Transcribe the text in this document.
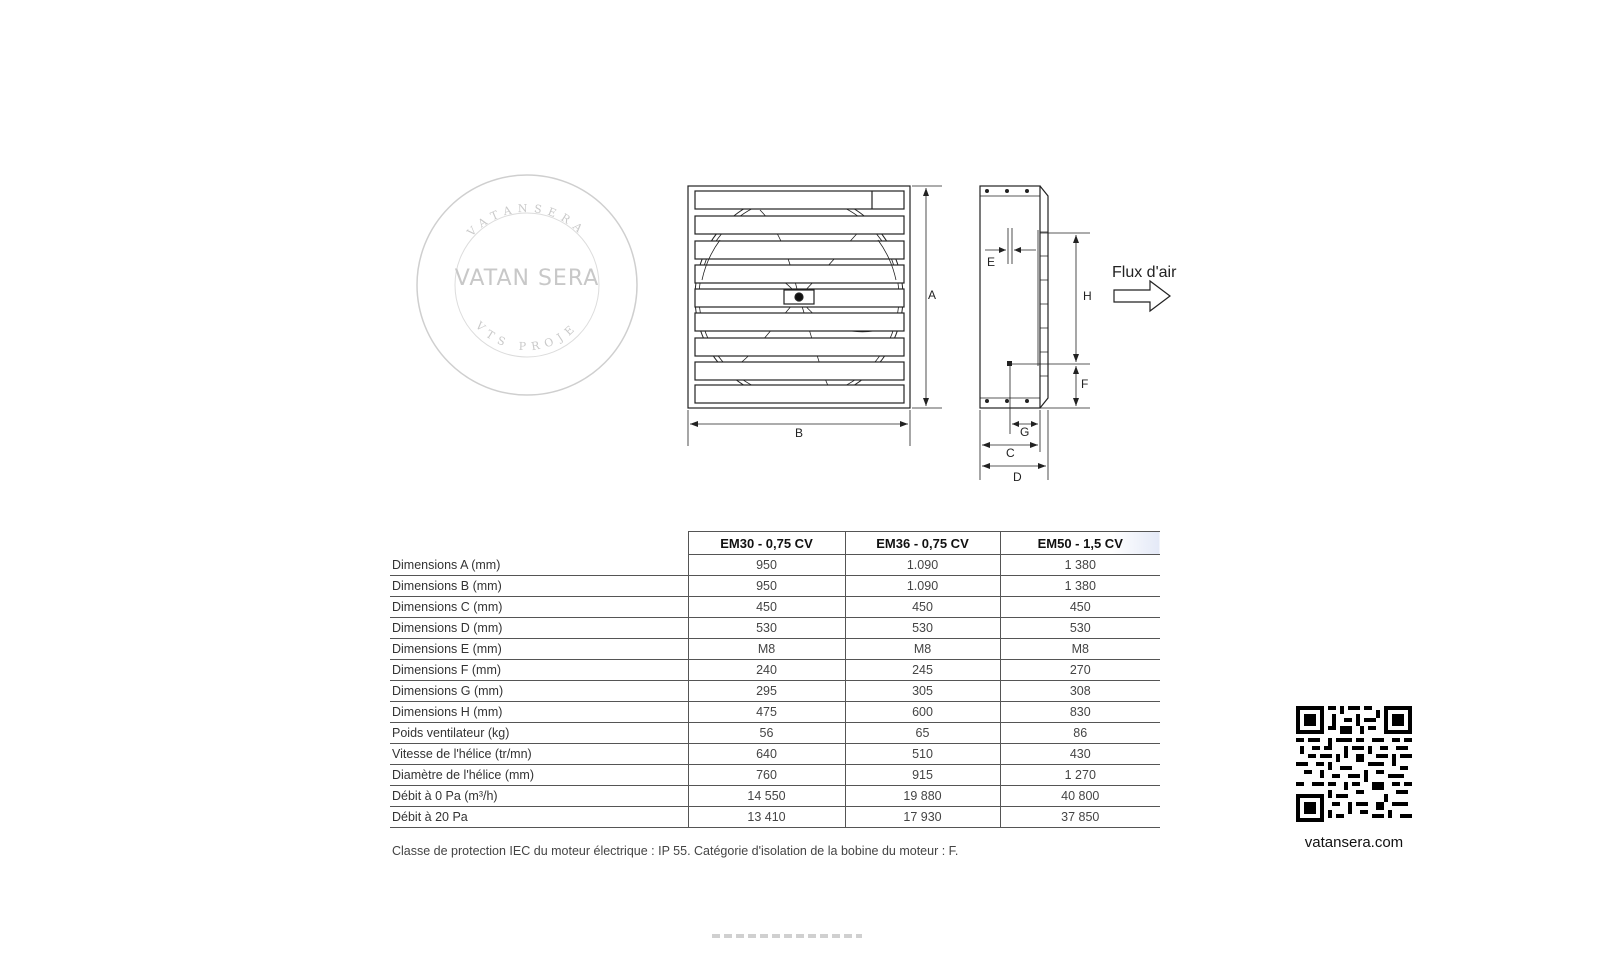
VATANSERA
VTS PROJE
VATAN SERA
A
B
E
H
F
G
C
D
Flux d'air
	EM30 - 0,75 CV	EM36 - 0,75 CV	EM50 - 1,5 CV
Dimensions A (mm)	950	1.090	1 380
Dimensions B (mm)	950	1.090	1 380
Dimensions C (mm)	450	450	450
Dimensions D (mm)	530	530	530
Dimensions E (mm)	M8	M8	M8
Dimensions F (mm)	240	245	270
Dimensions G (mm)	295	305	308
Dimensions H (mm)	475	600	830
Poids ventilateur (kg)	56	65	86
Vitesse de l'hélice (tr/mn)	640	510	430
Diamètre de l'hélice (mm)	760	915	1 270
Débit à 0 Pa (m³/h)	14 550	19 880	40 800
Débit à 20 Pa	13 410	17 930	37 850
Classe de protection IEC du moteur électrique : IP 55. Catégorie d'isolation de la bobine du moteur : F.	vatansera.com
